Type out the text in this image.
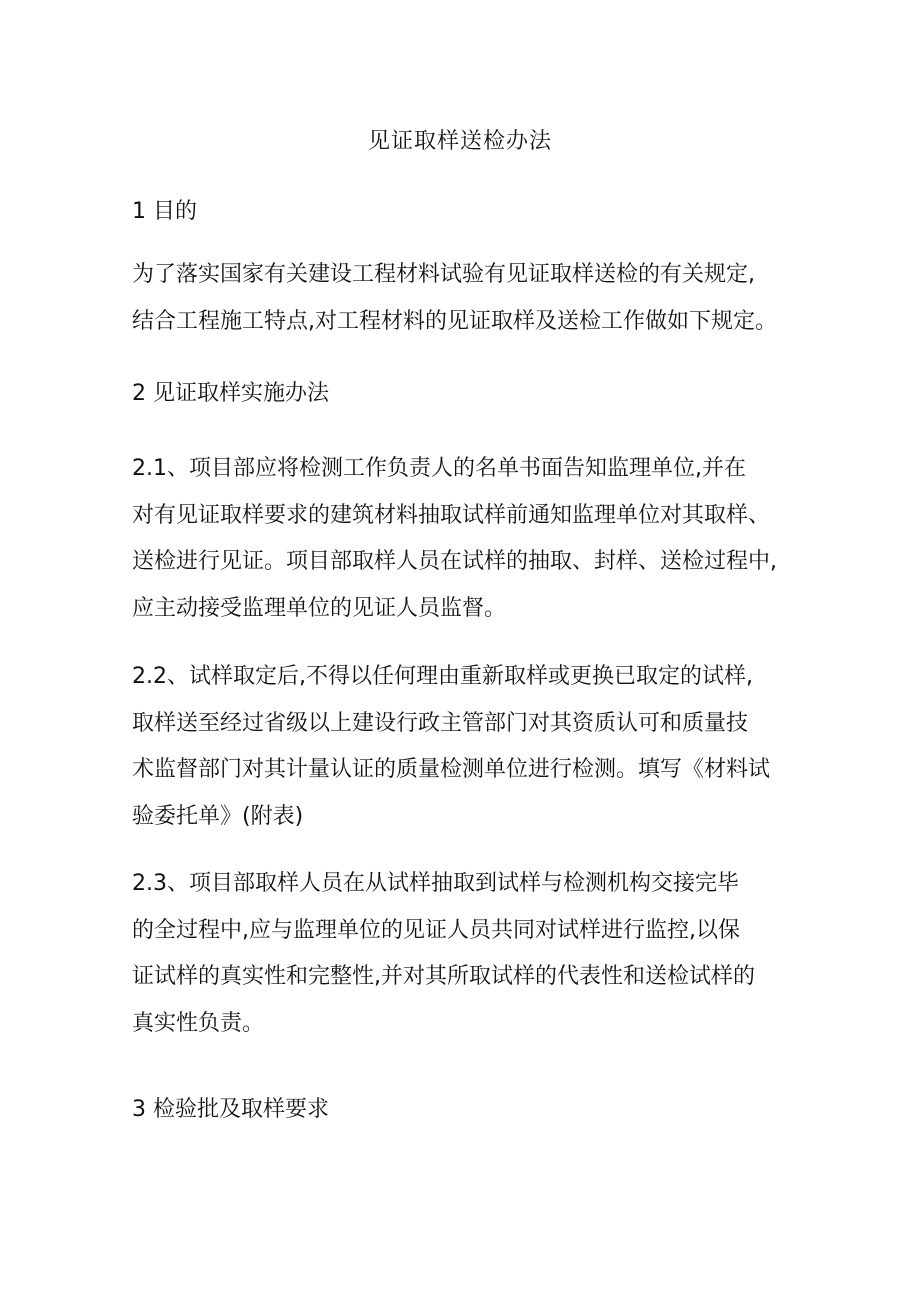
见证取样送检办法
1 目的
为了落实国家有关建设工程材料试验有见证取样送检的有关规定,
结合工程施工特点,对工程材料的见证取样及送检工作做如下规定。
2 见证取样实施办法
2.1、项目部应将检测工作负责人的名单书面告知监理单位,并在
对有见证取样要求的建筑材料抽取试样前通知监理单位对其取样、
送检进行见证。项目部取样人员在试样的抽取、封样、送检过程中,
应主动接受监理单位的见证人员监督。
2.2、试样取定后,不得以任何理由重新取样或更换已取定的试样,
取样送至经过省级以上建设行政主管部门对其资质认可和质量技
术监督部门对其计量认证的质量检测单位进行检测。填写《材料试
验委托单》(附表)
2.3、项目部取样人员在从试样抽取到试样与检测机构交接完毕
的全过程中,应与监理单位的见证人员共同对试样进行监控,以保
证试样的真实性和完整性,并对其所取试样的代表性和送检试样的
真实性负责。
3 检验批及取样要求
